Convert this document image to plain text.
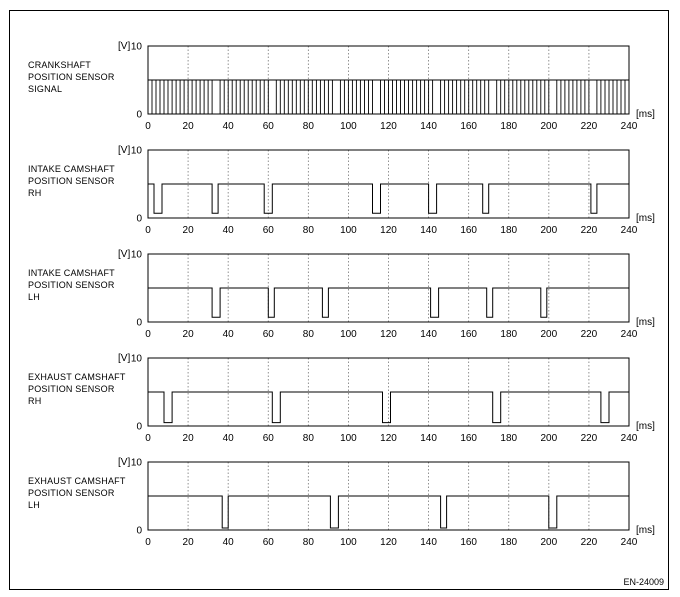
CRANKSHAFT
POSITION SENSOR
SIGNAL
[V]
0
10
0	20	40	60	80	100 120 140 160 180 200 220 240
[ms]
INTAKE CAMSHAFT
POSITION SENSOR
RH
[V]
0
10
0	20	40	60	80	100 120 140 160 180 200 220 240
[ms]
INTAKE CAMSHAFT
POSITION SENSOR
LH
[V]
0
10
0	20	40	60	80	100 120 140 160 180 200 220 240
[ms]
EXHAUST CAMSHAFT
POSITION SENSOR
RH
[V]
0
10
0	20	40	60	80	100 120 140 160 180 200 220 240
[ms]
EXHAUST CAMSHAFT
POSITION SENSOR
LH
[V]
0
10
0	20	40	60	80	100 120 140 160 180 200 220 240
[ms]
EN-24009
